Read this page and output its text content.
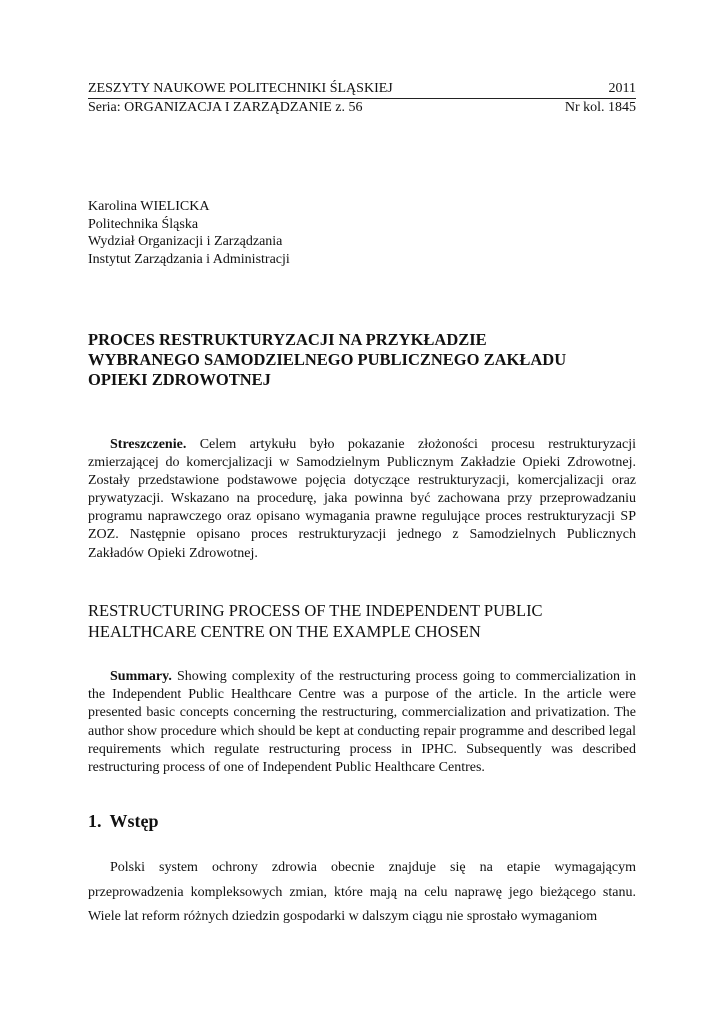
ZESZYTY NAUKOWE POLITECHNIKI ŚLĄSKIEJ	2011
Seria: ORGANIZACJA I ZARZĄDZANIE z. 56	Nr kol. 1845
Karolina WIELICKA
Politechnika Śląska
Wydział Organizacji i Zarządzania
Instytut Zarządzania i Administracji
PROCES RESTRUKTURYZACJI NA PRZYKŁADZIE
WYBRANEGO SAMODZIELNEGO PUBLICZNEGO ZAKŁADU
OPIEKI ZDROWOTNEJ
Streszczenie. Celem artykułu było pokazanie złożoności procesu restrukturyzacji zmierzającej do komercjalizacji w Samodzielnym Publicznym Zakładzie Opieki Zdrowotnej. Zostały przedstawione podstawowe pojęcia dotyczące restrukturyzacji, komercjalizacji oraz prywatyzacji. Wskazano na procedurę, jaka powinna być zachowana przy przeprowadzaniu programu naprawczego oraz opisano wymagania prawne regulujące proces restrukturyzacji SP ZOZ. Następnie opisano proces restrukturyzacji jednego z Samodzielnych Publicznych Zakładów Opieki Zdrowotnej.
RESTRUCTURING PROCESS OF THE INDEPENDENT PUBLIC
HEALTHCARE CENTRE ON THE EXAMPLE CHOSEN
Summary. Showing complexity of the restructuring process going to commercialization in the Independent Public Healthcare Centre was a purpose of the article. In the article were presented basic concepts concerning the restructuring, commercialization and privatization. The author show procedure which should be kept at conducting repair programme and described legal requirements which regulate restructuring process in IPHC. Subsequently was described restructuring process of one of Independent Public Healthcare Centres.
1. Wstęp
Polski system ochrony zdrowia obecnie znajduje się na etapie wymagającym przeprowadzenia kompleksowych zmian, które mają na celu naprawę jego bieżącego stanu. Wiele lat reform różnych dziedzin gospodarki w dalszym ciągu nie sprostało wymaganiom
